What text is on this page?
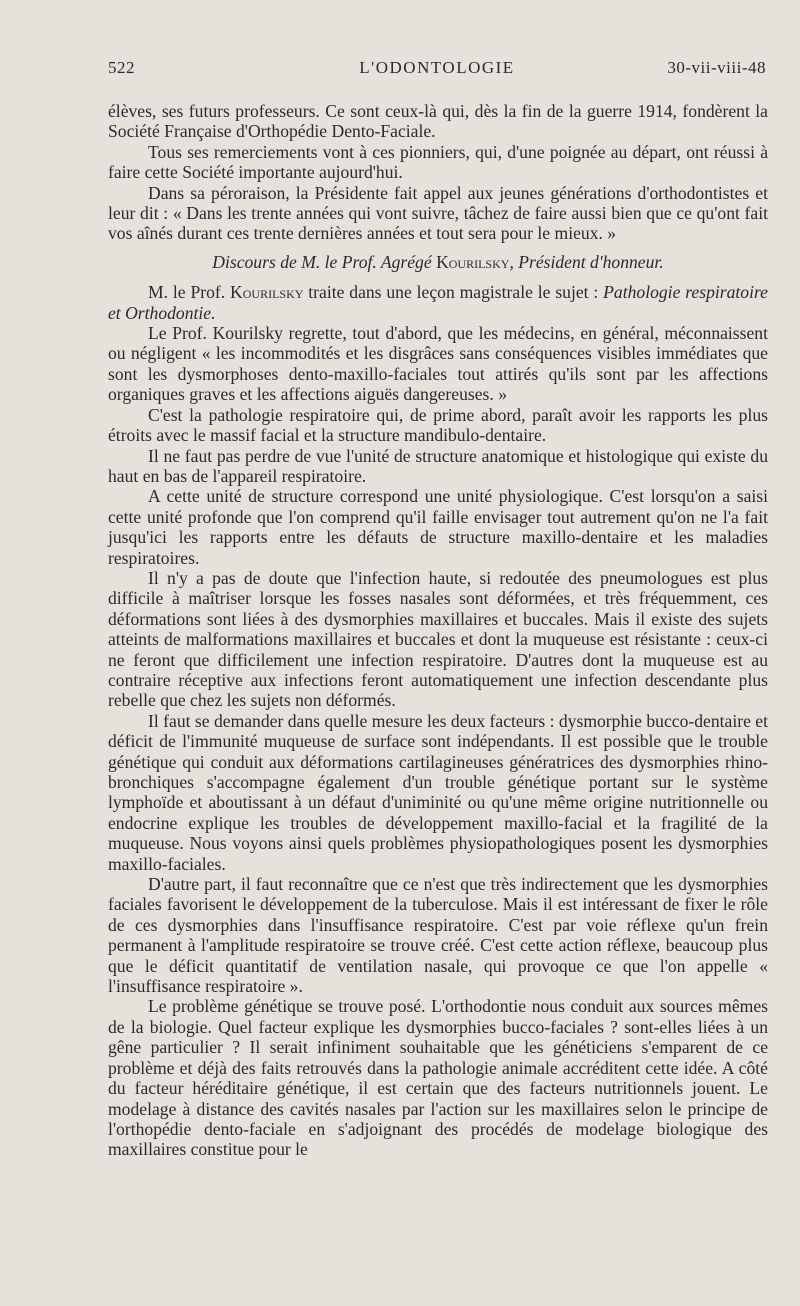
522	L'ODONTOLOGIE	30-vii-viii-48

élèves, ses futurs professeurs. Ce sont ceux-là qui, dès la fin de la guerre 1914, fondèrent la Société Française d'Orthopédie Dento-Faciale.

Tous ses remerciements vont à ces pionniers, qui, d'une poignée au départ, ont réussi à faire cette Société importante aujourd'hui.

Dans sa péroraison, la Présidente fait appel aux jeunes générations d'orthodontistes et leur dit : « Dans les trente années qui vont suivre, tâchez de faire aussi bien que ce qu'ont fait vos aînés durant ces trente dernières années et tout sera pour le mieux. »

Discours de M. le Prof. Agrégé Kourilsky, Président d'honneur.

M. le Prof. Kourilsky traite dans une leçon magistrale le sujet : Pathologie respiratoire et Orthodontie.

Le Prof. Kourilsky regrette, tout d'abord, que les médecins, en général, méconnaissent ou négligent « les incommodités et les disgrâces sans conséquences visibles immédiates que sont les dysmorphoses dento-maxillo-faciales tout attirés qu'ils sont par les affections organiques graves et les affections aiguës dangereuses. »

C'est la pathologie respiratoire qui, de prime abord, paraît avoir les rapports les plus étroits avec le massif facial et la structure mandibulo-dentaire.

Il ne faut pas perdre de vue l'unité de structure anatomique et histologique qui existe du haut en bas de l'appareil respiratoire.

A cette unité de structure correspond une unité physiologique. C'est lorsqu'on a saisi cette unité profonde que l'on comprend qu'il faille envisager tout autrement qu'on ne l'a fait jusqu'ici les rapports entre les défauts de structure maxillo-dentaire et les maladies respiratoires.

Il n'y a pas de doute que l'infection haute, si redoutée des pneumologues est plus difficile à maîtriser lorsque les fosses nasales sont déformées, et très fréquemment, ces déformations sont liées à des dysmorphies maxillaires et buccales. Mais il existe des sujets atteints de malformations maxillaires et buccales et dont la muqueuse est résistante : ceux-ci ne feront que difficilement une infection respiratoire. D'autres dont la muqueuse est au contraire réceptive aux infections feront automatiquement une infection descendante plus rebelle que chez les sujets non déformés.

Il faut se demander dans quelle mesure les deux facteurs : dysmorphie bucco-dentaire et déficit de l'immunité muqueuse de surface sont indépendants. Il est possible que le trouble génétique qui conduit aux déformations cartilagineuses génératrices des dysmorphies rhino-bronchiques s'accompagne également d'un trouble génétique portant sur le système lymphoïde et aboutissant à un défaut d'uniminité ou qu'une même origine nutritionnelle ou endocrine explique les troubles de développement maxillo-facial et la fragilité de la muqueuse. Nous voyons ainsi quels problèmes physiopathologiques posent les dysmorphies maxillo-faciales.

D'autre part, il faut reconnaître que ce n'est que très indirectement que les dysmorphies faciales favorisent le développement de la tuberculose. Mais il est intéressant de fixer le rôle de ces dysmorphies dans l'insuffisance respiratoire. C'est par voie réflexe qu'un frein permanent à l'amplitude respiratoire se trouve créé. C'est cette action réflexe, beaucoup plus que le déficit quantitatif de ventilation nasale, qui provoque ce que l'on appelle « l'insuffisance respiratoire ».

Le problème génétique se trouve posé. L'orthodontie nous conduit aux sources mêmes de la biologie. Quel facteur explique les dysmorphies bucco-faciales ? sont-elles liées à un gêne particulier ? Il serait infiniment souhaitable que les généticiens s'emparent de ce problème et déjà des faits retrouvés dans la pathologie animale accréditent cette idée. A côté du facteur héréditaire génétique, il est certain que des facteurs nutritionnels jouent. Le modelage à distance des cavités nasales par l'action sur les maxillaires selon le principe de l'orthopédie dento-faciale en s'adjoignant des procédés de modelage biologique des maxillaires constitue pour le
